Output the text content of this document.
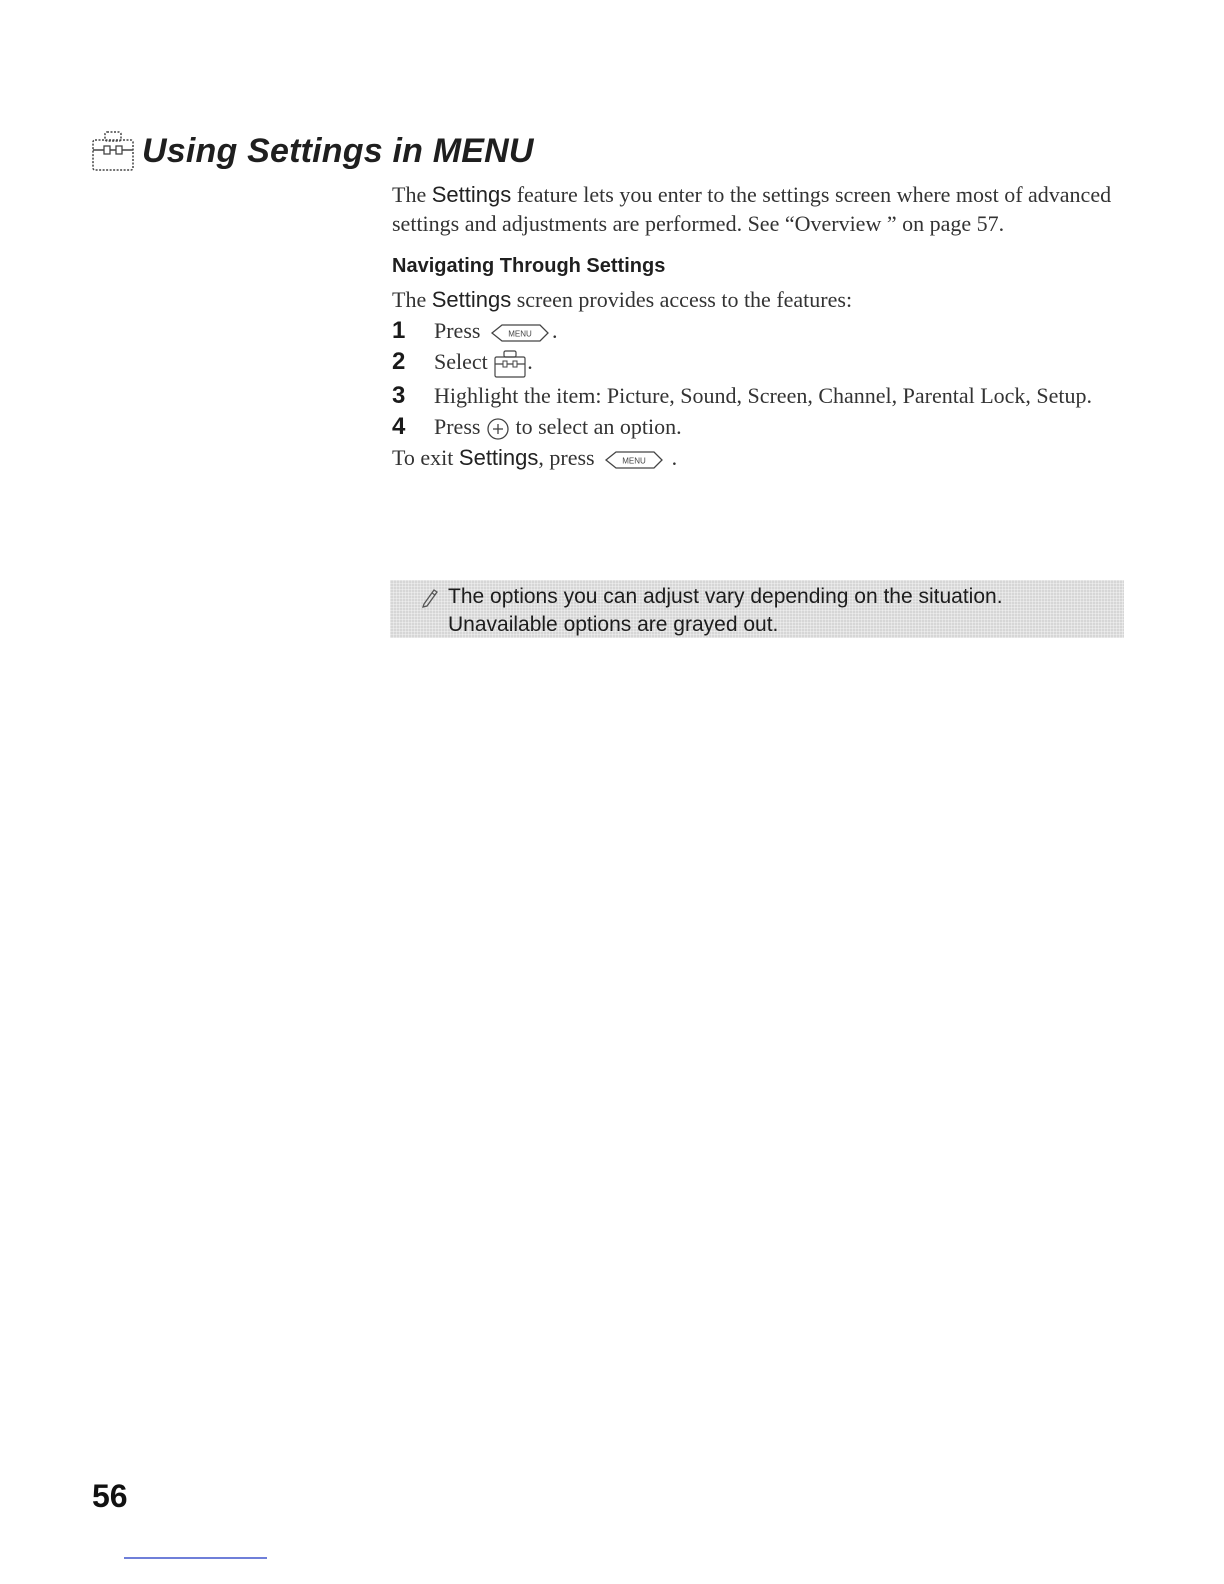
Using Settings in MENU

The Settings feature lets you enter to the settings screen where most of advanced settings and adjustments are performed. See “Overview ” on page 57.

Navigating Through Settings

The Settings screen provides access to the features:

1	Press	MENU .
2	Select .
3	Highlight the item: Picture, Sound, Screen, Channel, Parental Lock, Setup.
4	Press to select an option.

To exit Settings, press	MENU .

The options you can adjust vary depending on the situation.
Unavailable options are grayed out.
56
